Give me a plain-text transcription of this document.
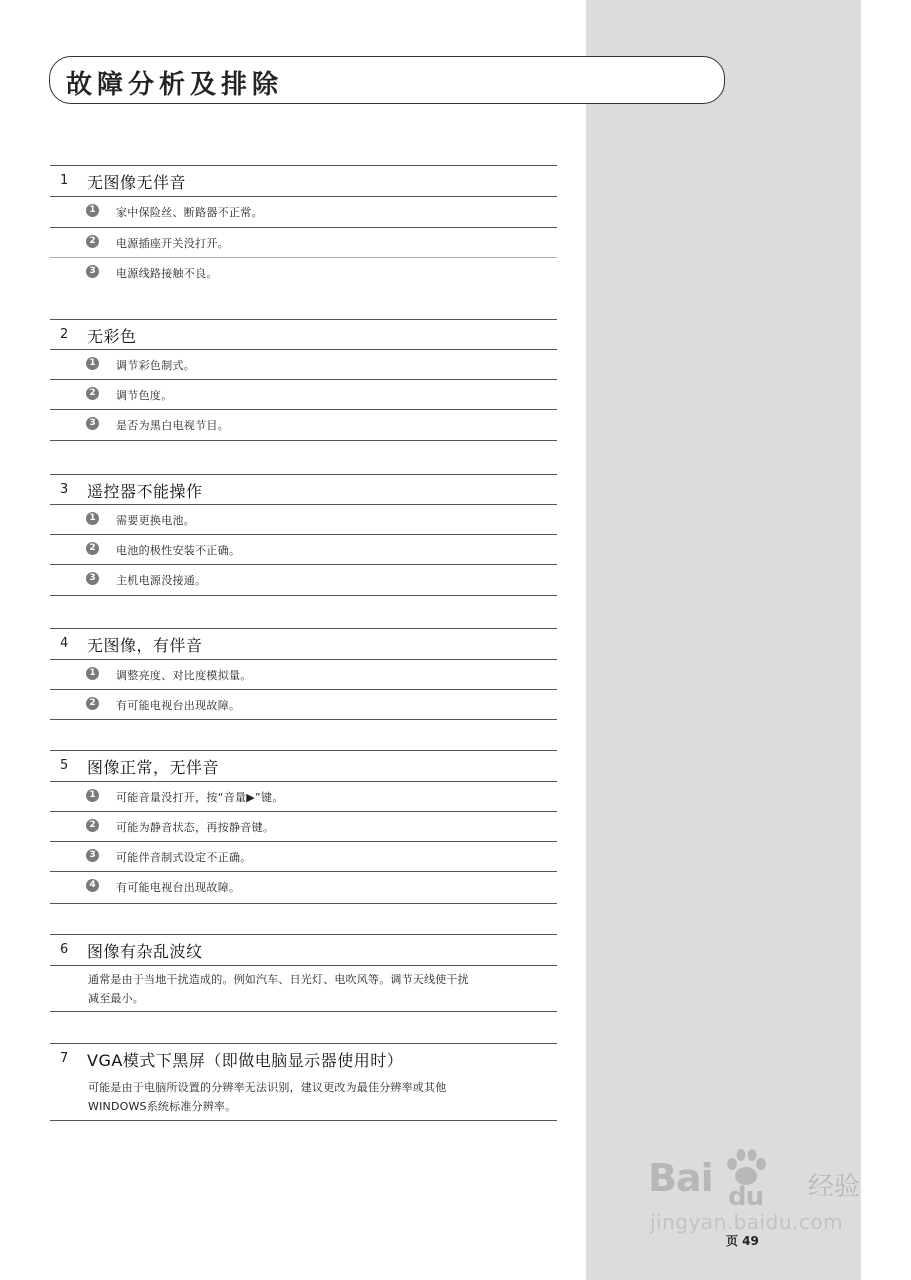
故障分析及排除
1 无图像无伴音
1	家中保险丝、断路器不正常。
2	电源插座开关没打开。
3	电源线路接触不良。
2 无彩色
1	调节彩色制式。
2	调节色度。
3	是否为黑白电视节目。
3 遥控器不能操作
1	需要更换电池。
2	电池的极性安装不正确。
3	主机电源没接通。
4 无图像，有伴音
1	调整亮度、对比度模拟量。
2	有可能电视台出现故障。
5 图像正常，无伴音
1	可能音量没打开，按“音量▶”键。
2	可能为静音状态，再按静音键。
3	可能伴音制式设定不正确。
4	有可能电视台出现故障。
6 图像有杂乱波纹
通常是由于当地干扰造成的。例如汽车、日光灯、电吹风等。调节天线使干扰
减至最小。
7 VGA模式下黑屏（即做电脑显示器使用时）
可能是由于电脑所设置的分辨率无法识别，建议更改为最佳分辨率或其他
WINDOWS系统标准分辨率。
Bai du 经验
jingyan.baidu.com
页 49
